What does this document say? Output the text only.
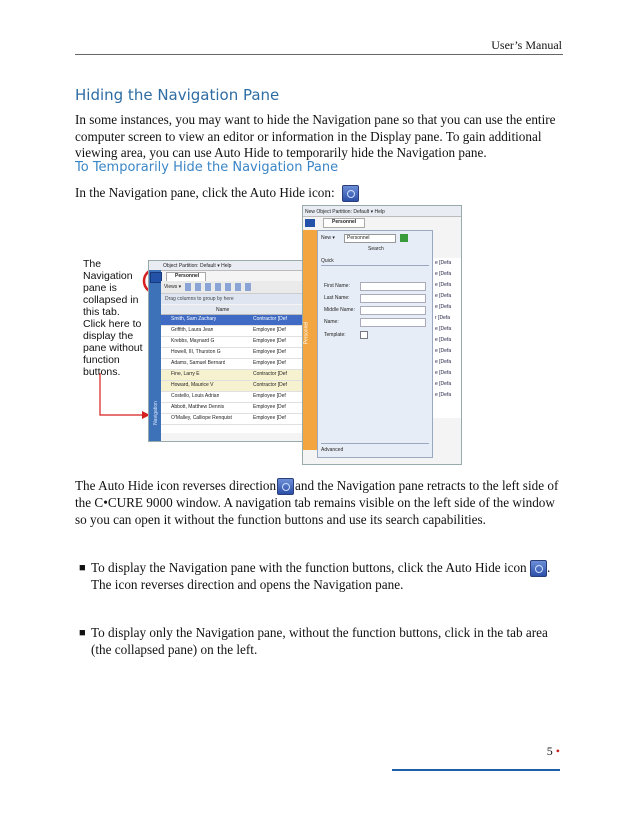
User’s Manual
Hiding the Navigation Pane
In some instances, you may want to hide the Navigation pane so that you can use the entire computer screen to view an editor or information in the Display pane. To gain additional viewing area, you can use Auto Hide to temporarily hide the Navigation pane.
To Temporarily Hide the Navigation Pane
In the Navigation pane, click the Auto Hide icon:
The
Navigation
pane is
collapsed in
this tab.
Click here to
display the
pane without
function
buttons.
Object Partition: Default ▾ Help
Navigation
Personnel
Views ▾
Drag columns to group by here
Name
Smith, Sam Zachary	Contractor [Def
Griffith, Laura Jean	Employee [Def
Krebbs, Maynard G	Employee [Def
Howell, III, Thurston G	Employee [Def
Adams, Samuel Bernard	Employee [Def
Fine, Larry E	Contractor [Def
Howard, Maurice V	Contractor [Def
Costello, Louis Adrian	Employee [Def
Abbott, Matthew Dennis	Employee [Def
O'Malley, Calliope Renquist	Employee [Def
New Object Partition: Default ▾ Help
Personnel
Personnel
New ▾	Personnel
Search
Quick
First Name:
Last Name:
Middle Name:
Name:
Template:
Advanced
e [Defa
e [Defa
e [Defa
e [Defa
e [Defa
r [Defa
e [Defa
e [Defa
e [Defa
e [Defa
e [Defa
e [Defa
e [Defa
The Auto Hide icon reverses direction and the Navigation pane retracts to the left side of the C•CURE 9000 window. A navigation tab remains visible on the left side of the window so you can open it without the function buttons and use its search capabilities.
■ To display the Navigation pane with the function buttons, click the Auto Hide icon . The icon reverses direction and opens the Navigation pane.
■ To display only the Navigation pane, without the function buttons, click in the tab area (the collapsed pane) on the left.
5 •
